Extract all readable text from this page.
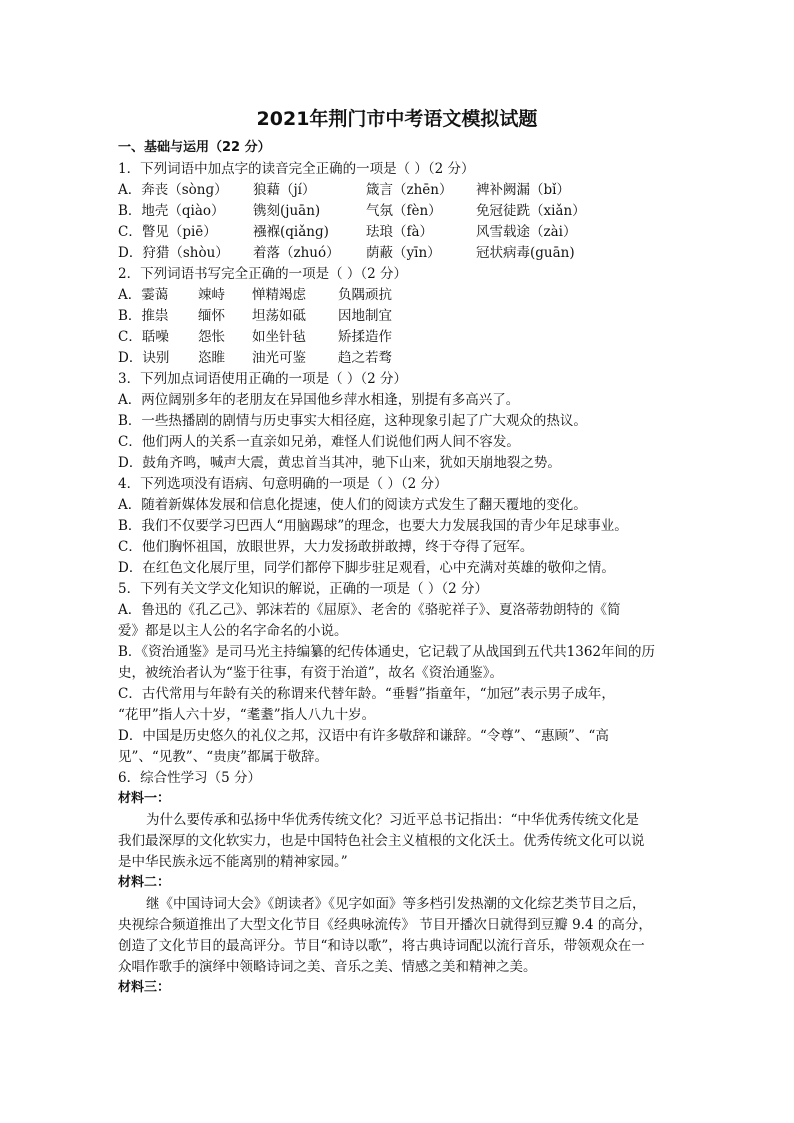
2021年荆门市中考语文模拟试题
一、基础与运用（22 分）
1．下列词语中加点字的读音完全正确的一项是（ ）（2 分）
A．奔丧（sònɡ） 狼藉（jí）	箴言（zhēn） 裨补阙漏（bǐ）
B．地壳（qiào） 镌刻(juān)	气氛（fèn）	免冠徒跣（xiǎn）
C．瞥见（piē）	襁褓(qiǎnɡ)	珐琅（fà）	风雪载途（zài）
D．狩猎（shòu） 着落（zhuó） 荫蔽（yīn）	冠状病毒(guān)
2．下列词语书写完全正确的一项是（ ）（2 分）
A．霎蔼 竦峙 惮精竭虑 负隅顽抗
B．推祟 缅怀 坦荡如砥 因地制宜
C．聒噪 怨怅 如坐针毡 矫揉造作
D．诀别 恣睢 油光可鉴 趋之若骛
3．下列加点词语使用正确的一项是（ ）（2 分）
A．两位阔别多年的老朋友在异国他乡萍水相逢，别提有多高兴了。
B．一些热播剧的剧情与历史事实大相径庭，这种现象引起了广大观众的热议。
C．他们两人的关系一直亲如兄弟，难怪人们说他们两人间不容发。
D．鼓角齐鸣，喊声大震，黄忠首当其冲，驰下山来，犹如天崩地裂之势。
4．下列选项没有语病、句意明确的一项是（ ）（2 分）
A．随着新媒体发展和信息化提速，使人们的阅读方式发生了翻天覆地的变化。
B．我们不仅要学习巴西人“用脑踢球”的理念，也要大力发展我国的青少年足球事业。
C．他们胸怀祖国，放眼世界，大力发扬敢拼敢搏，终于夺得了冠军。
D．在红色文化展厅里，同学们都停下脚步驻足观看，心中充满对英雄的敬仰之情。
5．下列有关文学文化知识的解说，正确的一项是（ ）（2 分）
A．鲁迅的《孔乙己》、郭沫若的《屈原》、老舍的《骆驼祥子》、夏洛蒂勃朗特的《简
爱》都是以主人公的名字命名的小说。
B．《资治通鉴》是司马光主持编纂的纪传体通史，它记载了从战国到五代共1362年间的历
史，被统治者认为“鉴于往事，有资于治道”，故名《资治通鉴》。
C．古代常用与年龄有关的称谓来代替年龄。“垂髫”指童年，“加冠”表示男子成年，
“花甲”指人六十岁，“耄耋”指人八九十岁。
D．中国是历史悠久的礼仪之邦，汉语中有许多敬辞和谦辞。“令尊”、“惠顾”、“高
见”、“见教”、“贵庚”都属于敬辞。
6．综合性学习（5 分）
材料一：
为什么要传承和弘扬中华优秀传统文化？习近平总书记指出：“中华优秀传统文化是
我们最深厚的文化软实力，也是中国特色社会主义植根的文化沃土。优秀传统文化可以说
是中华民族永远不能离别的精神家园。”
材料二：
继《中国诗词大会》《朗读者》《见字如面》等多档引发热潮的文化综艺类节目之后，
央视综合频道推出了大型文化节目《经典咏流传》 节目开播次日就得到豆瓣 9.4 的高分，
创造了文化节目的最高评分。节目“和诗以歌”，将古典诗词配以流行音乐，带领观众在一
众唱作歌手的演绎中领略诗词之美、音乐之美、情感之美和精神之美。
材料三：
